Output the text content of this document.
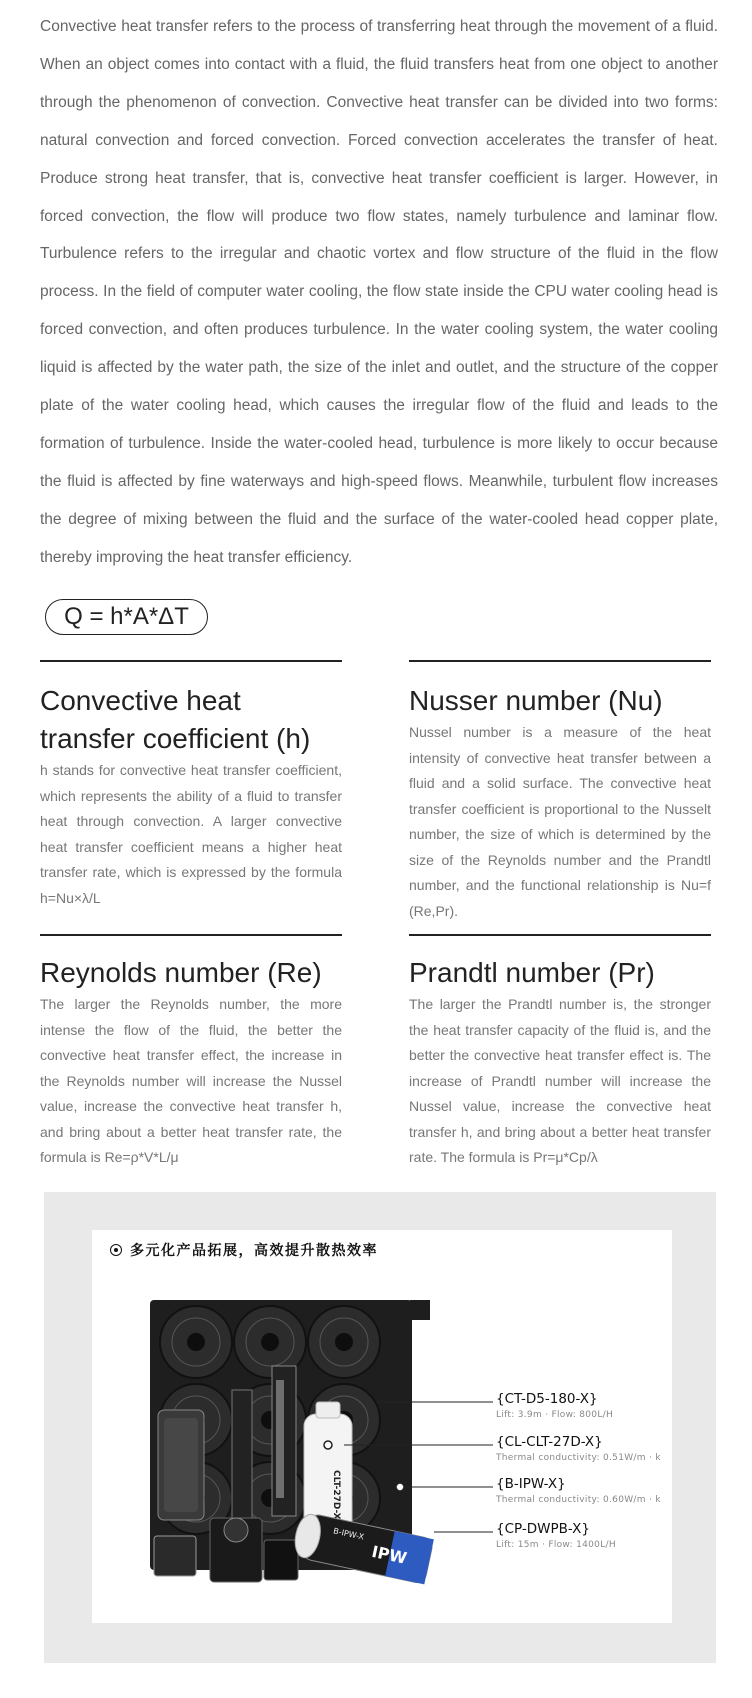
Convective heat transfer refers to the process of transferring heat through the movement of a fluid. When an object comes into contact with a fluid, the fluid transfers heat from one object to another through the phenomenon of convection. Convective heat transfer can be divided into two forms: natural convection and forced convection. Forced convection accelerates the transfer of heat. Produce strong heat transfer, that is, convective heat transfer coefficient is larger. However, in forced convection, the flow will produce two flow states, namely turbulence and laminar flow. Turbulence refers to the irregular and chaotic vortex and flow structure of the fluid in the flow process. In the field of computer water cooling, the flow state inside the CPU water cooling head is forced convection, and often produces turbulence. In the water cooling system, the water cooling liquid is affected by the water path, the size of the inlet and outlet, and the structure of the copper plate of the water cooling head, which causes the irregular flow of the fluid and leads to the formation of turbulence. Inside the water-cooled head, turbulence is more likely to occur because the fluid is affected by fine waterways and high-speed flows. Meanwhile, turbulent flow increases the degree of mixing between the fluid and the surface of the water-cooled head copper plate, thereby improving the heat transfer efficiency.
Q = h*A*ΔT
Convective heat transfer coefficient (h)

h stands for convective heat transfer coefficient, which represents the ability of a fluid to transfer heat through convection. A larger convective heat transfer coefficient means a higher heat transfer rate, which is expressed by the formula h=Nu×λ/L

Nusser number (Nu)

Nussel number is a measure of the heat intensity of convective heat transfer between a fluid and a solid surface. The convective heat transfer coefficient is proportional to the Nusselt number, the size of which is determined by the size of the Reynolds number and the Prandtl number, and the functional relationship is Nu=f (Re,Pr).

Reynolds number (Re)

The larger the Reynolds number, the more intense the flow of the fluid, the better the convective heat transfer effect, the increase in the Reynolds number will increase the Nussel value, increase the convective heat transfer h, and bring about a better heat transfer rate, the formula is Re=ρ*V*L/μ

Prandtl number (Pr)

The larger the Prandtl number is, the stronger the heat transfer capacity of the fluid is, and the better the convective heat transfer effect is. The increase of Prandtl number will increase the Nussel value, increase the convective heat transfer h, and bring about a better heat transfer rate. The formula is Pr=μ*Cp/λ

多元化产品拓展，高效提升散热效率
CLT-27D-X
IPW
B-IPW-X
{CT-D5-180-X}
Lift: 3.9m · Flow: 800L/H
{CL-CLT-27D-X}
Thermal conductivity: 0.51W/m · k
{B-IPW-X}
Thermal conductivity: 0.60W/m · k
{CP-DWPB-X}
Lift: 15m · Flow: 1400L/H
